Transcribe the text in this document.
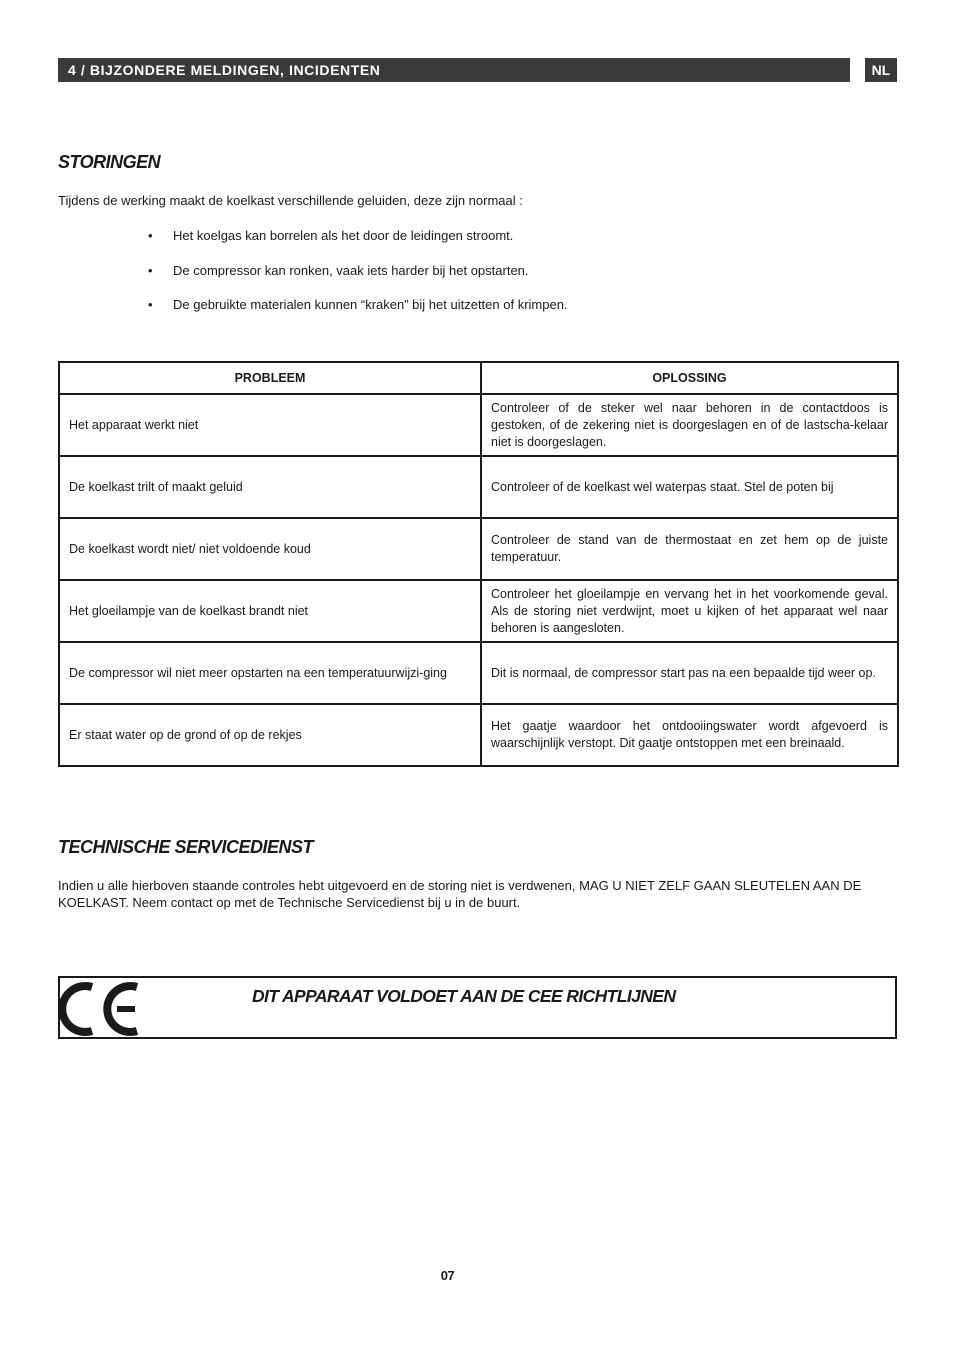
4 / BIJZONDERE MELDINGEN, INCIDENTEN	NL
STORINGEN

Tijdens de werking maakt de koelkast verschillende geluiden, deze zijn normaal :

• Het koelgas kan borrelen als het door de leidingen stroomt.
• De compressor kan ronken, vaak iets harder bij het opstarten.
• De gebruikte materialen kunnen “kraken” bij het uitzetten of krimpen.
PROBLEEM	OPLOSSING
Het apparaat werkt niet	Controleer of de steker wel naar behoren in de contactdoos is gestoken, of de zekering niet is doorgeslagen en of de lastscha-kelaar niet is doorgeslagen.
De koelkast trilt of maakt geluid	Controleer of de koelkast wel waterpas staat. Stel de poten bij
De koelkast wordt niet/ niet voldoende koud	Controleer de stand van de thermostaat en zet hem op de juiste temperatuur.
Het gloeilampje van de koelkast brandt niet	Controleer het gloeilampje en vervang het in het voorkomende geval. Als de storing niet verdwijnt, moet u kijken of het apparaat wel naar behoren is aangesloten.
De compressor wil niet meer opstarten na een temperatuurwijzi-ging	Dit is normaal, de compressor start pas na een bepaalde tijd weer op.
Er staat water op de grond of op de rekjes	Het gaatje waardoor het ontdooiingswater wordt afgevoerd is waarschijnlijk verstopt. Dit gaatje ontstoppen met een breinaald.
TECHNISCHE SERVICEDIENST

Indien u alle hierboven staande controles hebt uitgevoerd en de storing niet is verdwenen, MAG U NIET ZELF GAAN SLEUTELEN AAN DE KOELKAST. Neem contact op met de Technische Servicedienst bij u in de buurt.

DIT APPARAAT VOLDOET AAN DE CEE RICHTLIJNEN
07
